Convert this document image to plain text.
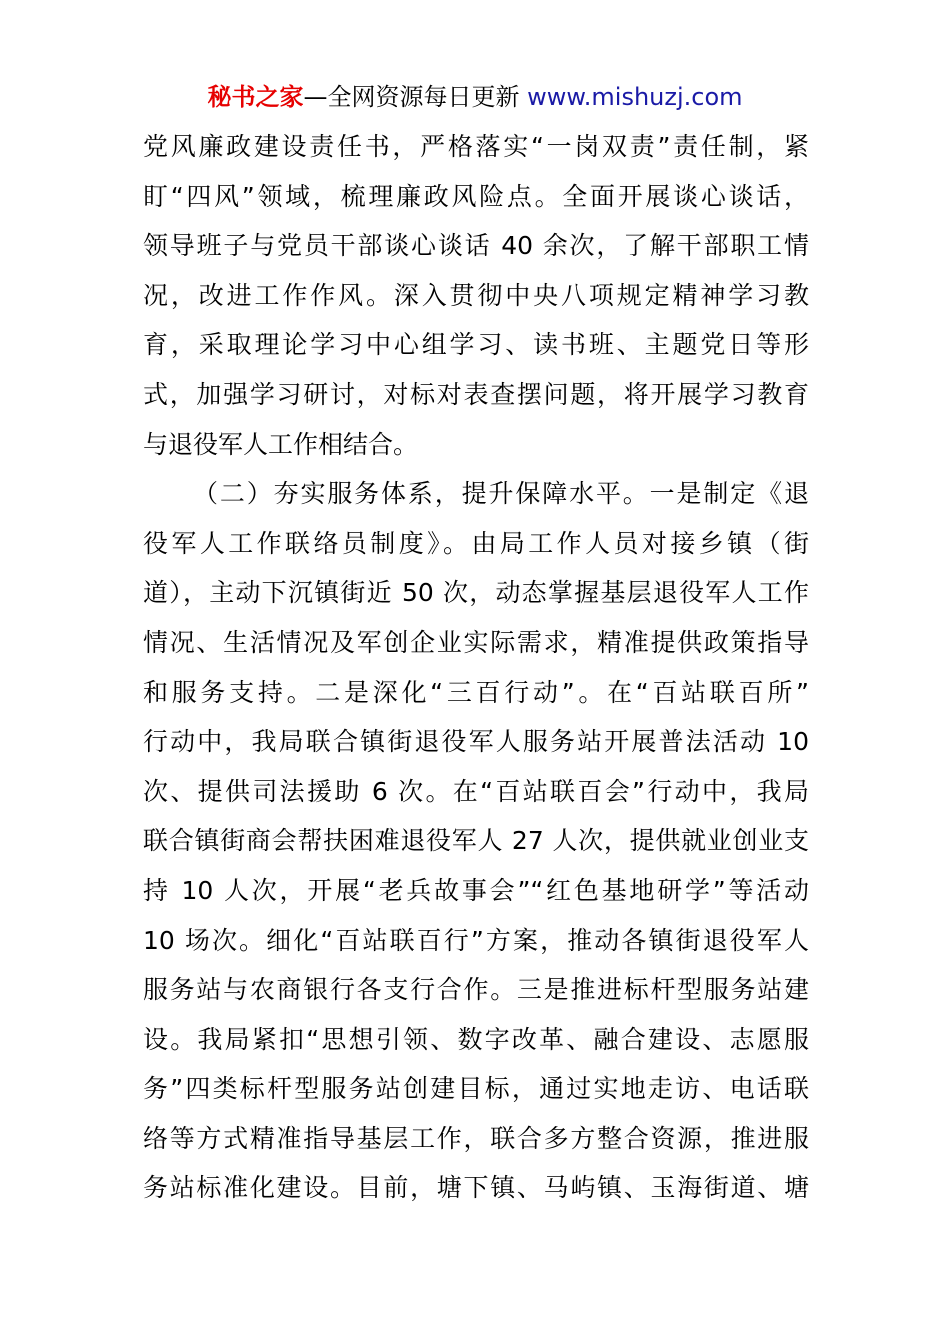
秘书之家—全网资源每日更新 www.mishuzj.com
党风廉政建设责任书，严格落实“一岗双责”责任制，紧
盯“四风”领域，梳理廉政风险点。全面开展谈心谈话，
领导班子与党员干部谈心谈话 40 余次，了解干部职工情
况，改进工作作风。深入贯彻中央八项规定精神学习教
育，采取理论学习中心组学习、读书班、主题党日等形
式，加强学习研讨，对标对表查摆问题，将开展学习教育
与退役军人工作相结合。
（二）夯实服务体系，提升保障水平。一是制定《退
役军人工作联络员制度》。由局工作人员对接乡镇（街
道），主动下沉镇街近 50 次，动态掌握基层退役军人工作
情况、生活情况及军创企业实际需求，精准提供政策指导
和服务支持。二是深化“三百行动”。在“百站联百所”
行动中，我局联合镇街退役军人服务站开展普法活动 10
次、提供司法援助 6 次。在“百站联百会”行动中，我局
联合镇街商会帮扶困难退役军人 27 人次，提供就业创业支
持 10 人次，开展“老兵故事会”“红色基地研学”等活动
10 场次。细化“百站联百行”方案，推动各镇街退役军人
服务站与农商银行各支行合作。三是推进标杆型服务站建
设。我局紧扣“思想引领、数字改革、融合建设、志愿服
务”四类标杆型服务站创建目标，通过实地走访、电话联
络等方式精准指导基层工作，联合多方整合资源，推进服
务站标准化建设。目前，塘下镇、马屿镇、玉海街道、塘
